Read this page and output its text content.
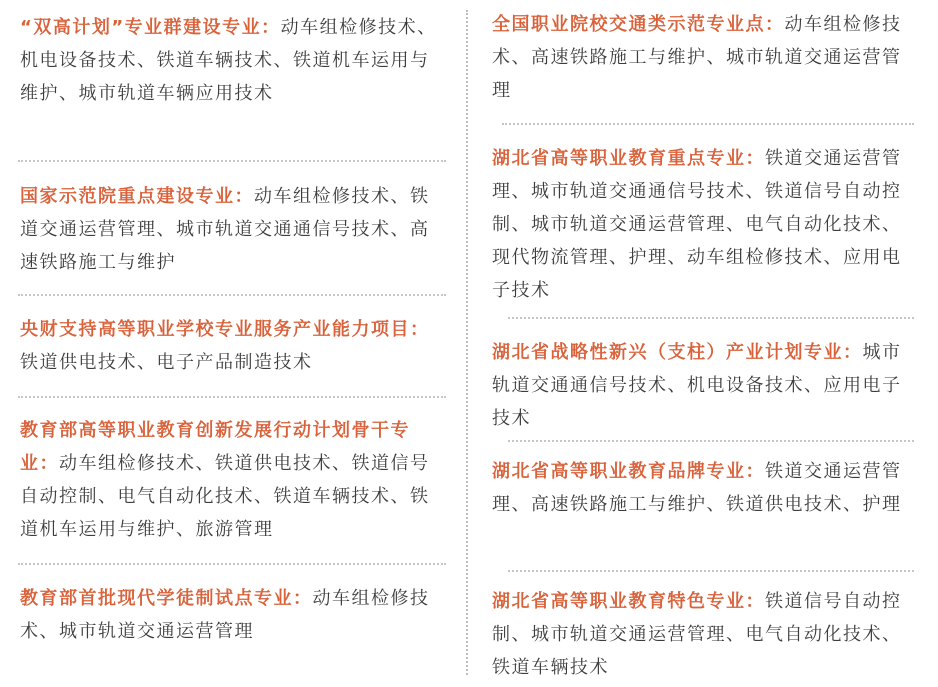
“双高计划”专业群建设专业：动车组检修技术、机电设备技术、铁道车辆技术、铁道机车运用与维护、城市轨道车辆应用技术

国家示范院重点建设专业：动车组检修技术、铁道交通运营管理、城市轨道交通通信号技术、高速铁路施工与维护

央财支持高等职业学校专业服务产业能力项目：铁道供电技术、电子产品制造技术

教育部高等职业教育创新发展行动计划骨干专业：动车组检修技术、铁道供电技术、铁道信号自动控制、电气自动化技术、铁道车辆技术、铁道机车运用与维护、旅游管理

教育部首批现代学徒制试点专业：动车组检修技术、城市轨道交通运营管理

全国职业院校交通类示范专业点：动车组检修技术、高速铁路施工与维护、城市轨道交通运营管理

湖北省高等职业教育重点专业：铁道交通运营管理、城市轨道交通通信号技术、铁道信号自动控制、城市轨道交通运营管理、电气自动化技术、现代物流管理、护理、动车组检修技术、应用电子技术

湖北省战略性新兴（支柱）产业计划专业：城市轨道交通通信号技术、机电设备技术、应用电子技术

湖北省高等职业教育品牌专业：铁道交通运营管理、高速铁路施工与维护、铁道供电技术、护理

湖北省高等职业教育特色专业：铁道信号自动控制、城市轨道交通运营管理、电气自动化技术、铁道车辆技术
